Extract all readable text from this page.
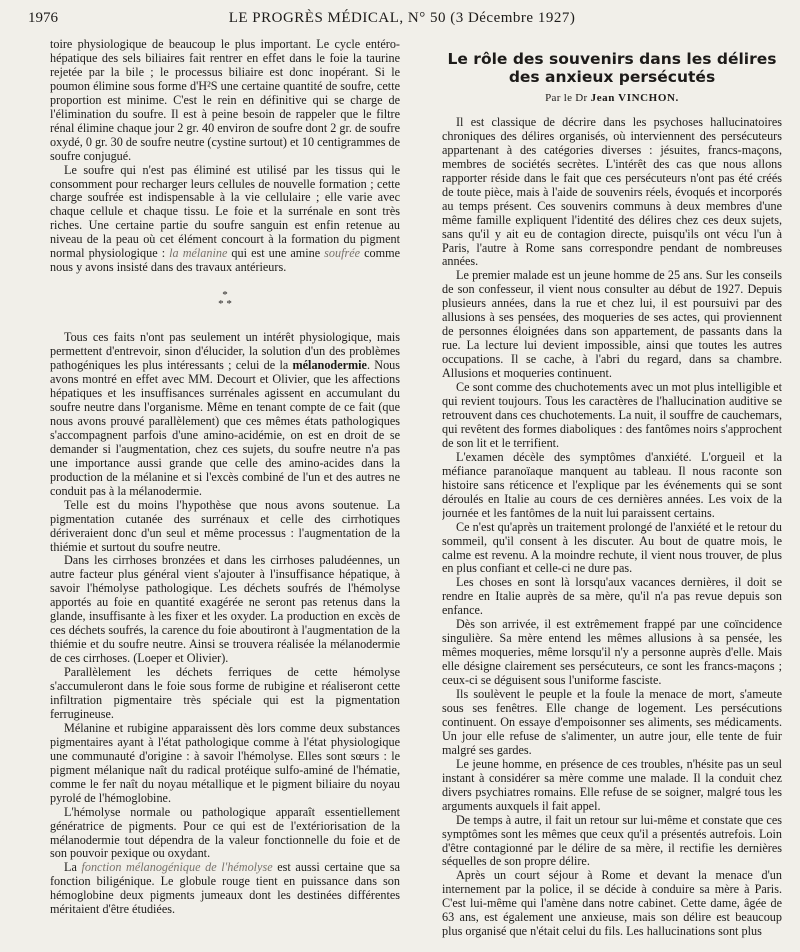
1976	LE PROGRÈS MÉDICAL, N° 50 (3 Décembre 1927)

toire physiologique de beaucoup le plus important. Le cycle entéro-hépatique des sels biliaires fait rentrer en effet dans le foie la taurine rejetée par la bile ; le processus biliaire est donc inopérant. Si le poumon élimine sous forme d'H²S une certaine quantité de soufre, cette proportion est minime. C'est le rein en définitive qui se charge de l'élimination du soufre. Il est à peine besoin de rappeler que le filtre rénal élimine chaque jour 2 gr. 40 environ de soufre dont 2 gr. de soufre oxydé, 0 gr. 30 de soufre neutre (cystine surtout) et 10 centigrammes de soufre conjugué.

Le soufre qui n'est pas éliminé est utilisé par les tissus qui le consomment pour recharger leurs cellules de nouvelle formation ; cette charge soufrée est indispensable à la vie cellulaire ; elle varie avec chaque cellule et chaque tissu. Le foie et la surrénale en sont très riches. Une certaine partie du soufre sanguin est enfin retenue au niveau de la peau où cet élément concourt à la formation du pigment normal physiologique : la mélanine qui est une amine soufrée comme nous y avons insisté dans des travaux antérieurs.

*
* *

Tous ces faits n'ont pas seulement un intérêt physiologique, mais permettent d'entrevoir, sinon d'élucider, la solution d'un des problèmes pathogéniques les plus intéressants ; celui de la mélanodermie. Nous avons montré en effet avec MM. Decourt et Olivier, que les affections hépatiques et les insuffisances surrénales agissent en accumulant du soufre neutre dans l'organisme. Même en tenant compte de ce fait (que nous avons prouvé parallèlement) que ces mêmes états pathologiques s'accompagnent parfois d'une amino-acidémie, on est en droit de se demander si l'augmentation, chez ces sujets, du soufre neutre n'a pas une importance aussi grande que celle des amino-acides dans la production de la mélanine et si l'excès combiné de l'un et des autres ne conduit pas à la mélanodermie.

Telle est du moins l'hypothèse que nous avons soutenue. La pigmentation cutanée des surrénaux et celle des cirrhotiques dériveraient donc d'un seul et même processus : l'augmentation de la thiémie et surtout du soufre neutre.

Dans les cirrhoses bronzées et dans les cirrhoses paludéennes, un autre facteur plus général vient s'ajouter à l'insuffisance hépatique, à savoir l'hémolyse pathologique. Les déchets soufrés de l'hémolyse apportés au foie en quantité exagérée ne seront pas retenus dans la glande, insuffisante à les fixer et les oxyder. La production en excès de ces déchets soufrés, la carence du foie aboutiront à l'augmentation de la thiémie et du soufre neutre. Ainsi se trouvera réalisée la mélanodermie de ces cirrhoses. (Loeper et Olivier).

Parallèlement les déchets ferriques de cette hémolyse s'accumuleront dans le foie sous forme de rubigine et réaliseront cette infiltration pigmentaire très spéciale qui est la pigmentation ferrugineuse.

Mélanine et rubigine apparaissent dès lors comme deux substances pigmentaires ayant à l'état pathologique comme à l'état physiologique une communauté d'origine : à savoir l'hémolyse. Elles sont sœurs : le pigment mélanique naît du radical protéique sulfo-aminé de l'hématie, comme le fer naît du noyau métallique et le pigment biliaire du noyau pyrolé de l'hémoglobine.

L'hémolyse normale ou pathologique apparaît essentiellement génératrice de pigments. Pour ce qui est de l'extériorisation de la mélanodermie tout dépendra de la valeur fonctionnelle du foie et de son pouvoir pexique ou oxydant.

La fonction mélanogénique de l'hémolyse est aussi certaine que sa fonction biligénique. Le globule rouge tient en puissance dans son hémoglobine deux pigments jumeaux dont les destinées différentes méritaient d'être étudiées.

Le rôle des souvenirs dans les délires
des anxieux persécutés
Par le Dr Jean VINCHON.

Il est classique de décrire dans les psychoses hallucinatoires chroniques des délires organisés, où interviennent des persécuteurs appartenant à des catégories diverses : jésuites, francs-maçons, membres de sociétés secrètes. L'intérêt des cas que nous allons rapporter réside dans le fait que ces persécuteurs n'ont pas été créés de toute pièce, mais à l'aide de souvenirs réels, évoqués et incorporés au temps présent. Ces souvenirs communs à deux membres d'une même famille expliquent l'identité des délires chez ces deux sujets, sans qu'il y ait eu de contagion directe, puisqu'ils ont vécu l'un à Paris, l'autre à Rome sans correspondre pendant de nombreuses années.

Le premier malade est un jeune homme de 25 ans. Sur les conseils de son confesseur, il vient nous consulter au début de 1927. Depuis plusieurs années, dans la rue et chez lui, il est poursuivi par des allusions à ses pensées, des moqueries de ses actes, qui proviennent de personnes éloignées dans son appartement, de passants dans la rue. La lecture lui devient impossible, ainsi que toutes les autres occupations. Il se cache, à l'abri du regard, dans sa chambre. Allusions et moqueries continuent.

Ce sont comme des chuchotements avec un mot plus intelligible et qui revient toujours. Tous les caractères de l'hallucination auditive se retrouvent dans ces chuchotements. La nuit, il souffre de cauchemars, qui revêtent des formes diaboliques : des fantômes noirs s'approchent de son lit et le terrifient.

L'examen décèle des symptômes d'anxiété. L'orgueil et la méfiance paranoïaque manquent au tableau. Il nous raconte son histoire sans réticence et l'explique par les événements qui se sont déroulés en Italie au cours de ces dernières années. Les voix de la journée et les fantômes de la nuit lui paraissent certains.

Ce n'est qu'après un traitement prolongé de l'anxiété et le retour du sommeil, qu'il consent à les discuter. Au bout de quatre mois, le calme est revenu. A la moindre rechute, il vient nous trouver, de plus en plus confiant et celle-ci ne dure pas.

Les choses en sont là lorsqu'aux vacances dernières, il doit se rendre en Italie auprès de sa mère, qu'il n'a pas revue depuis son enfance.

Dès son arrivée, il est extrêmement frappé par une coïncidence singulière. Sa mère entend les mêmes allusions à sa pensée, les mêmes moqueries, même lorsqu'il n'y a personne auprès d'elle. Mais elle désigne clairement ses persécuteurs, ce sont les francs-maçons ; ceux-ci se déguisent sous l'uniforme fasciste.

Ils soulèvent le peuple et la foule la menace de mort, s'ameute sous ses fenêtres. Elle change de logement. Les persécutions continuent. On essaye d'empoisonner ses aliments, ses médicaments. Un jour elle refuse de s'alimenter, un autre jour, elle tente de fuir malgré ses gardes.

Le jeune homme, en présence de ces troubles, n'hésite pas un seul instant à considérer sa mère comme une malade. Il la conduit chez divers psychiatres romains. Elle refuse de se soigner, malgré tous les arguments auxquels il fait appel.

De temps à autre, il fait un retour sur lui-même et constate que ces symptômes sont les mêmes que ceux qu'il a présentés autrefois. Loin d'être contagionné par le délire de sa mère, il rectifie les dernières séquelles de son propre délire.

Après un court séjour à Rome et devant la menace d'un internement par la police, il se décide à conduire sa mère à Paris. C'est lui-même qui l'amène dans notre cabinet. Cette dame, âgée de 63 ans, est également une anxieuse, mais son délire est beaucoup plus organisé que n'était celui du fils. Les hallucinations sont plus
